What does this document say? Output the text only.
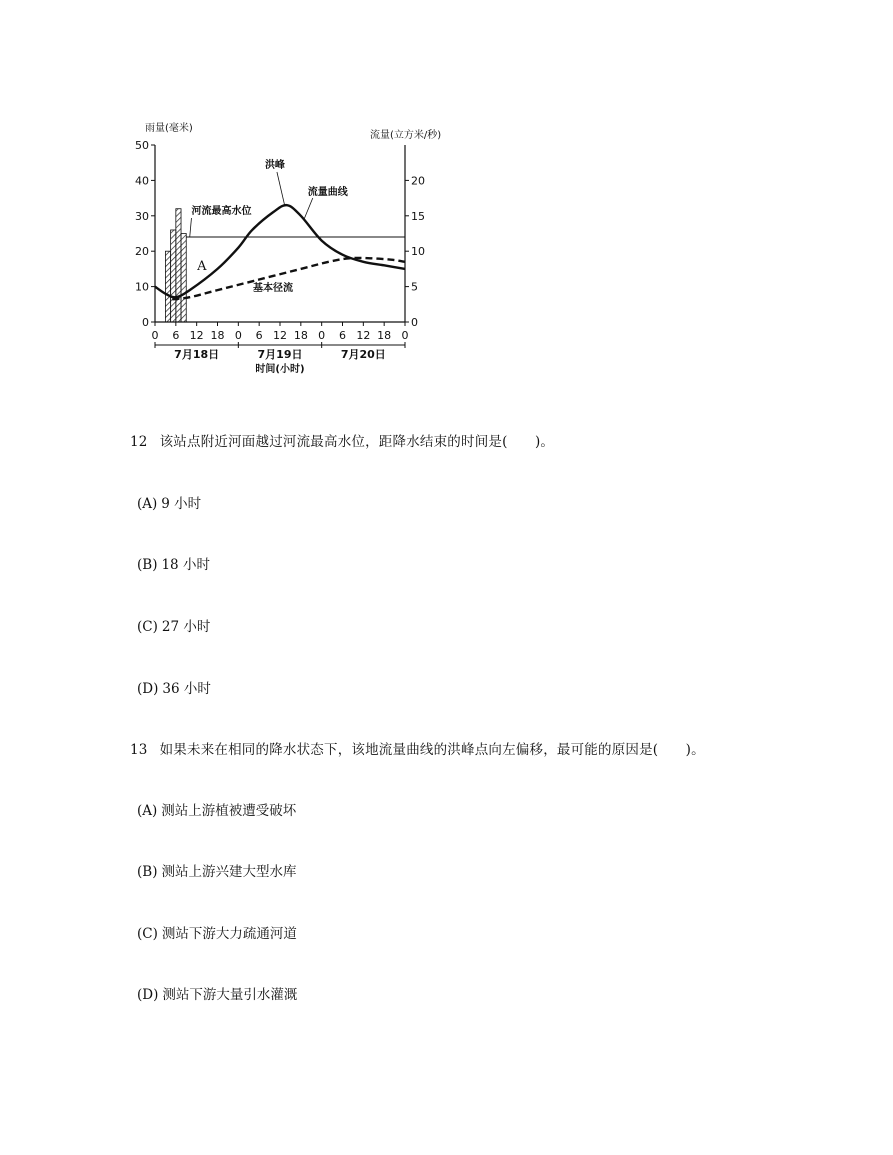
0
10
20
30
40
50
雨量(毫米)
0
5
10
15
20
流量(立方米/秒)
0 6 12 18 0 6 12 18 0 6 12 18 0
7月18日	7月19日	7月20日
时间(小时)
洪峰
流量曲线
河流最高水位
基本径流
A
12 该站点附近河面越过河流最高水位，距降水结束的时间是(　　)。
(A) 9 小时
(B) 18 小时
(C) 27 小时
(D) 36 小时
13 如果未来在相同的降水状态下，该地流量曲线的洪峰点向左偏移，最可能的原因是(　　)。
(A) 测站上游植被遭受破坏
(B) 测站上游兴建大型水库
(C) 测站下游大力疏通河道
(D) 测站下游大量引水灌溉
